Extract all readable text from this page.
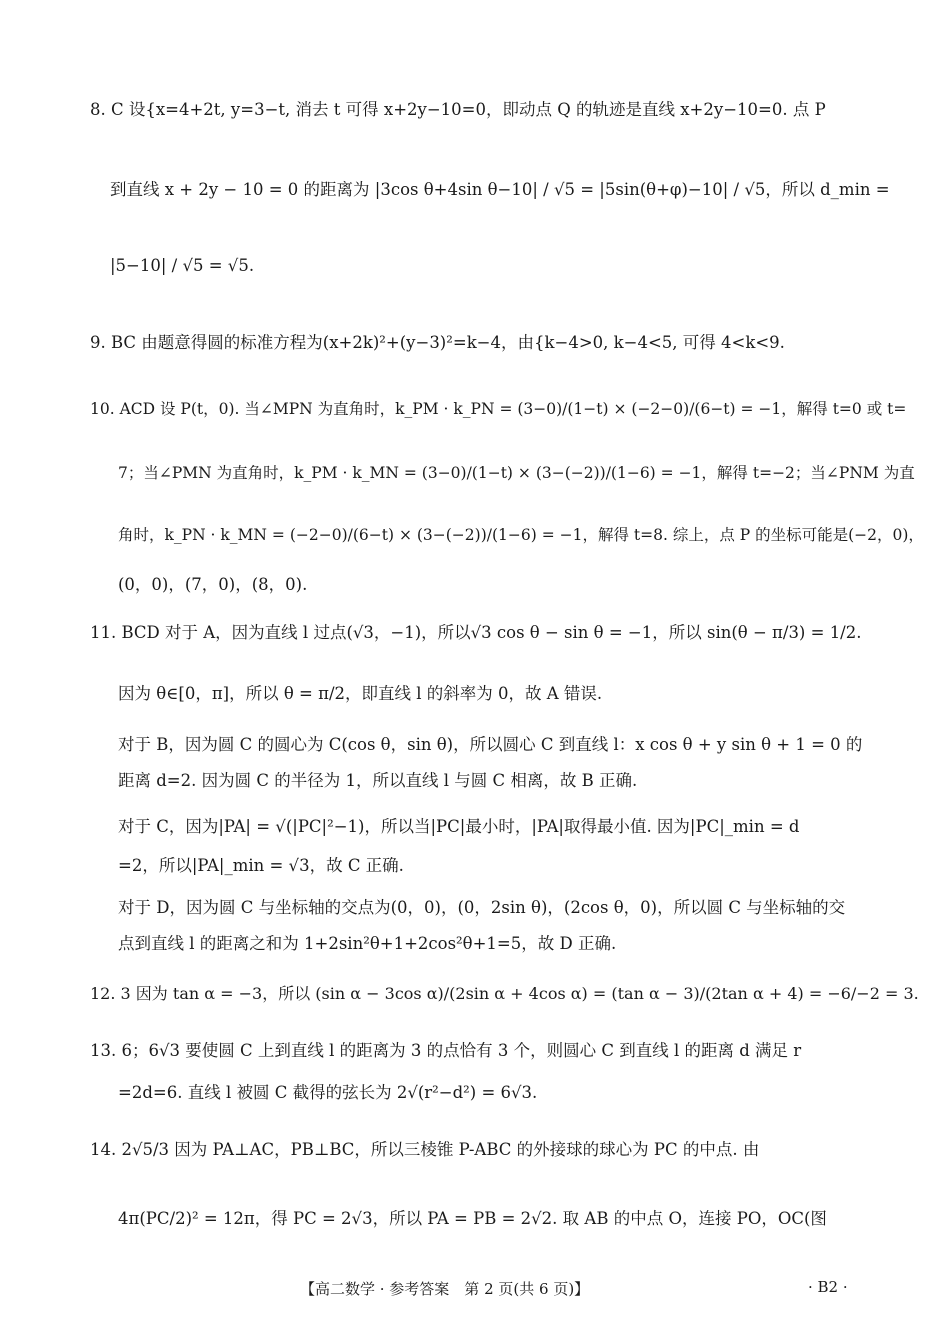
8. C 设{x=4+2t, y=3−t, 消去 t 可得 x+2y−10=0，即动点 Q 的轨迹是直线 x+2y−10=0. 点 P
到直线 x + 2y − 10 = 0 的距离为 |3cos θ+4sin θ−10| / √5 = |5sin(θ+φ)−10| / √5，所以 d_min =
|5−10| / √5 = √5.
9. BC 由题意得圆的标准方程为(x+2k)²+(y−3)²=k−4，由{k−4>0, k−4<5, 可得 4<k<9.
10. ACD 设 P(t，0). 当∠MPN 为直角时，k_PM · k_PN = (3−0)/(1−t) × (−2−0)/(6−t) = −1，解得 t=0 或 t=
7；当∠PMN 为直角时，k_PM · k_MN = (3−0)/(1−t) × (3−(−2))/(1−6) = −1，解得 t=−2；当∠PNM 为直
角时，k_PN · k_MN = (−2−0)/(6−t) × (3−(−2))/(1−6) = −1，解得 t=8. 综上，点 P 的坐标可能是(−2，0)，
(0，0)，(7，0)，(8，0).
11. BCD 对于 A，因为直线 l 过点(√3，−1)，所以√3 cos θ − sin θ = −1，所以 sin(θ − π/3) = 1/2.
因为 θ∈[0，π]，所以 θ = π/2，即直线 l 的斜率为 0，故 A 错误.
对于 B，因为圆 C 的圆心为 C(cos θ，sin θ)，所以圆心 C 到直线 l：x cos θ + y sin θ + 1 = 0 的
距离 d=2. 因为圆 C 的半径为 1，所以直线 l 与圆 C 相离，故 B 正确.
对于 C，因为|PA| = √(|PC|²−1)，所以当|PC|最小时，|PA|取得最小值. 因为|PC|_min = d
=2，所以|PA|_min = √3，故 C 正确.
对于 D，因为圆 C 与坐标轴的交点为(0，0)，(0，2sin θ)，(2cos θ，0)，所以圆 C 与坐标轴的交
点到直线 l 的距离之和为 1+2sin²θ+1+2cos²θ+1=5，故 D 正确.
12. 3 因为 tan α = −3，所以 (sin α − 3cos α)/(2sin α + 4cos α) = (tan α − 3)/(2tan α + 4) = −6/−2 = 3.
13. 6；6√3 要使圆 C 上到直线 l 的距离为 3 的点恰有 3 个，则圆心 C 到直线 l 的距离 d 满足 r
=2d=6. 直线 l 被圆 C 截得的弦长为 2√(r²−d²) = 6√3.
14. 2√5/3 因为 PA⊥AC，PB⊥BC，所以三棱锥 P-ABC 的外接球的球心为 PC 的中点. 由
4π(PC/2)² = 12π，得 PC = 2√3，所以 PA = PB = 2√2. 取 AB 的中点 O，连接 PO，OC(图
【高二数学 · 参考答案　第 2 页(共 6 页)】	· B2 ·
